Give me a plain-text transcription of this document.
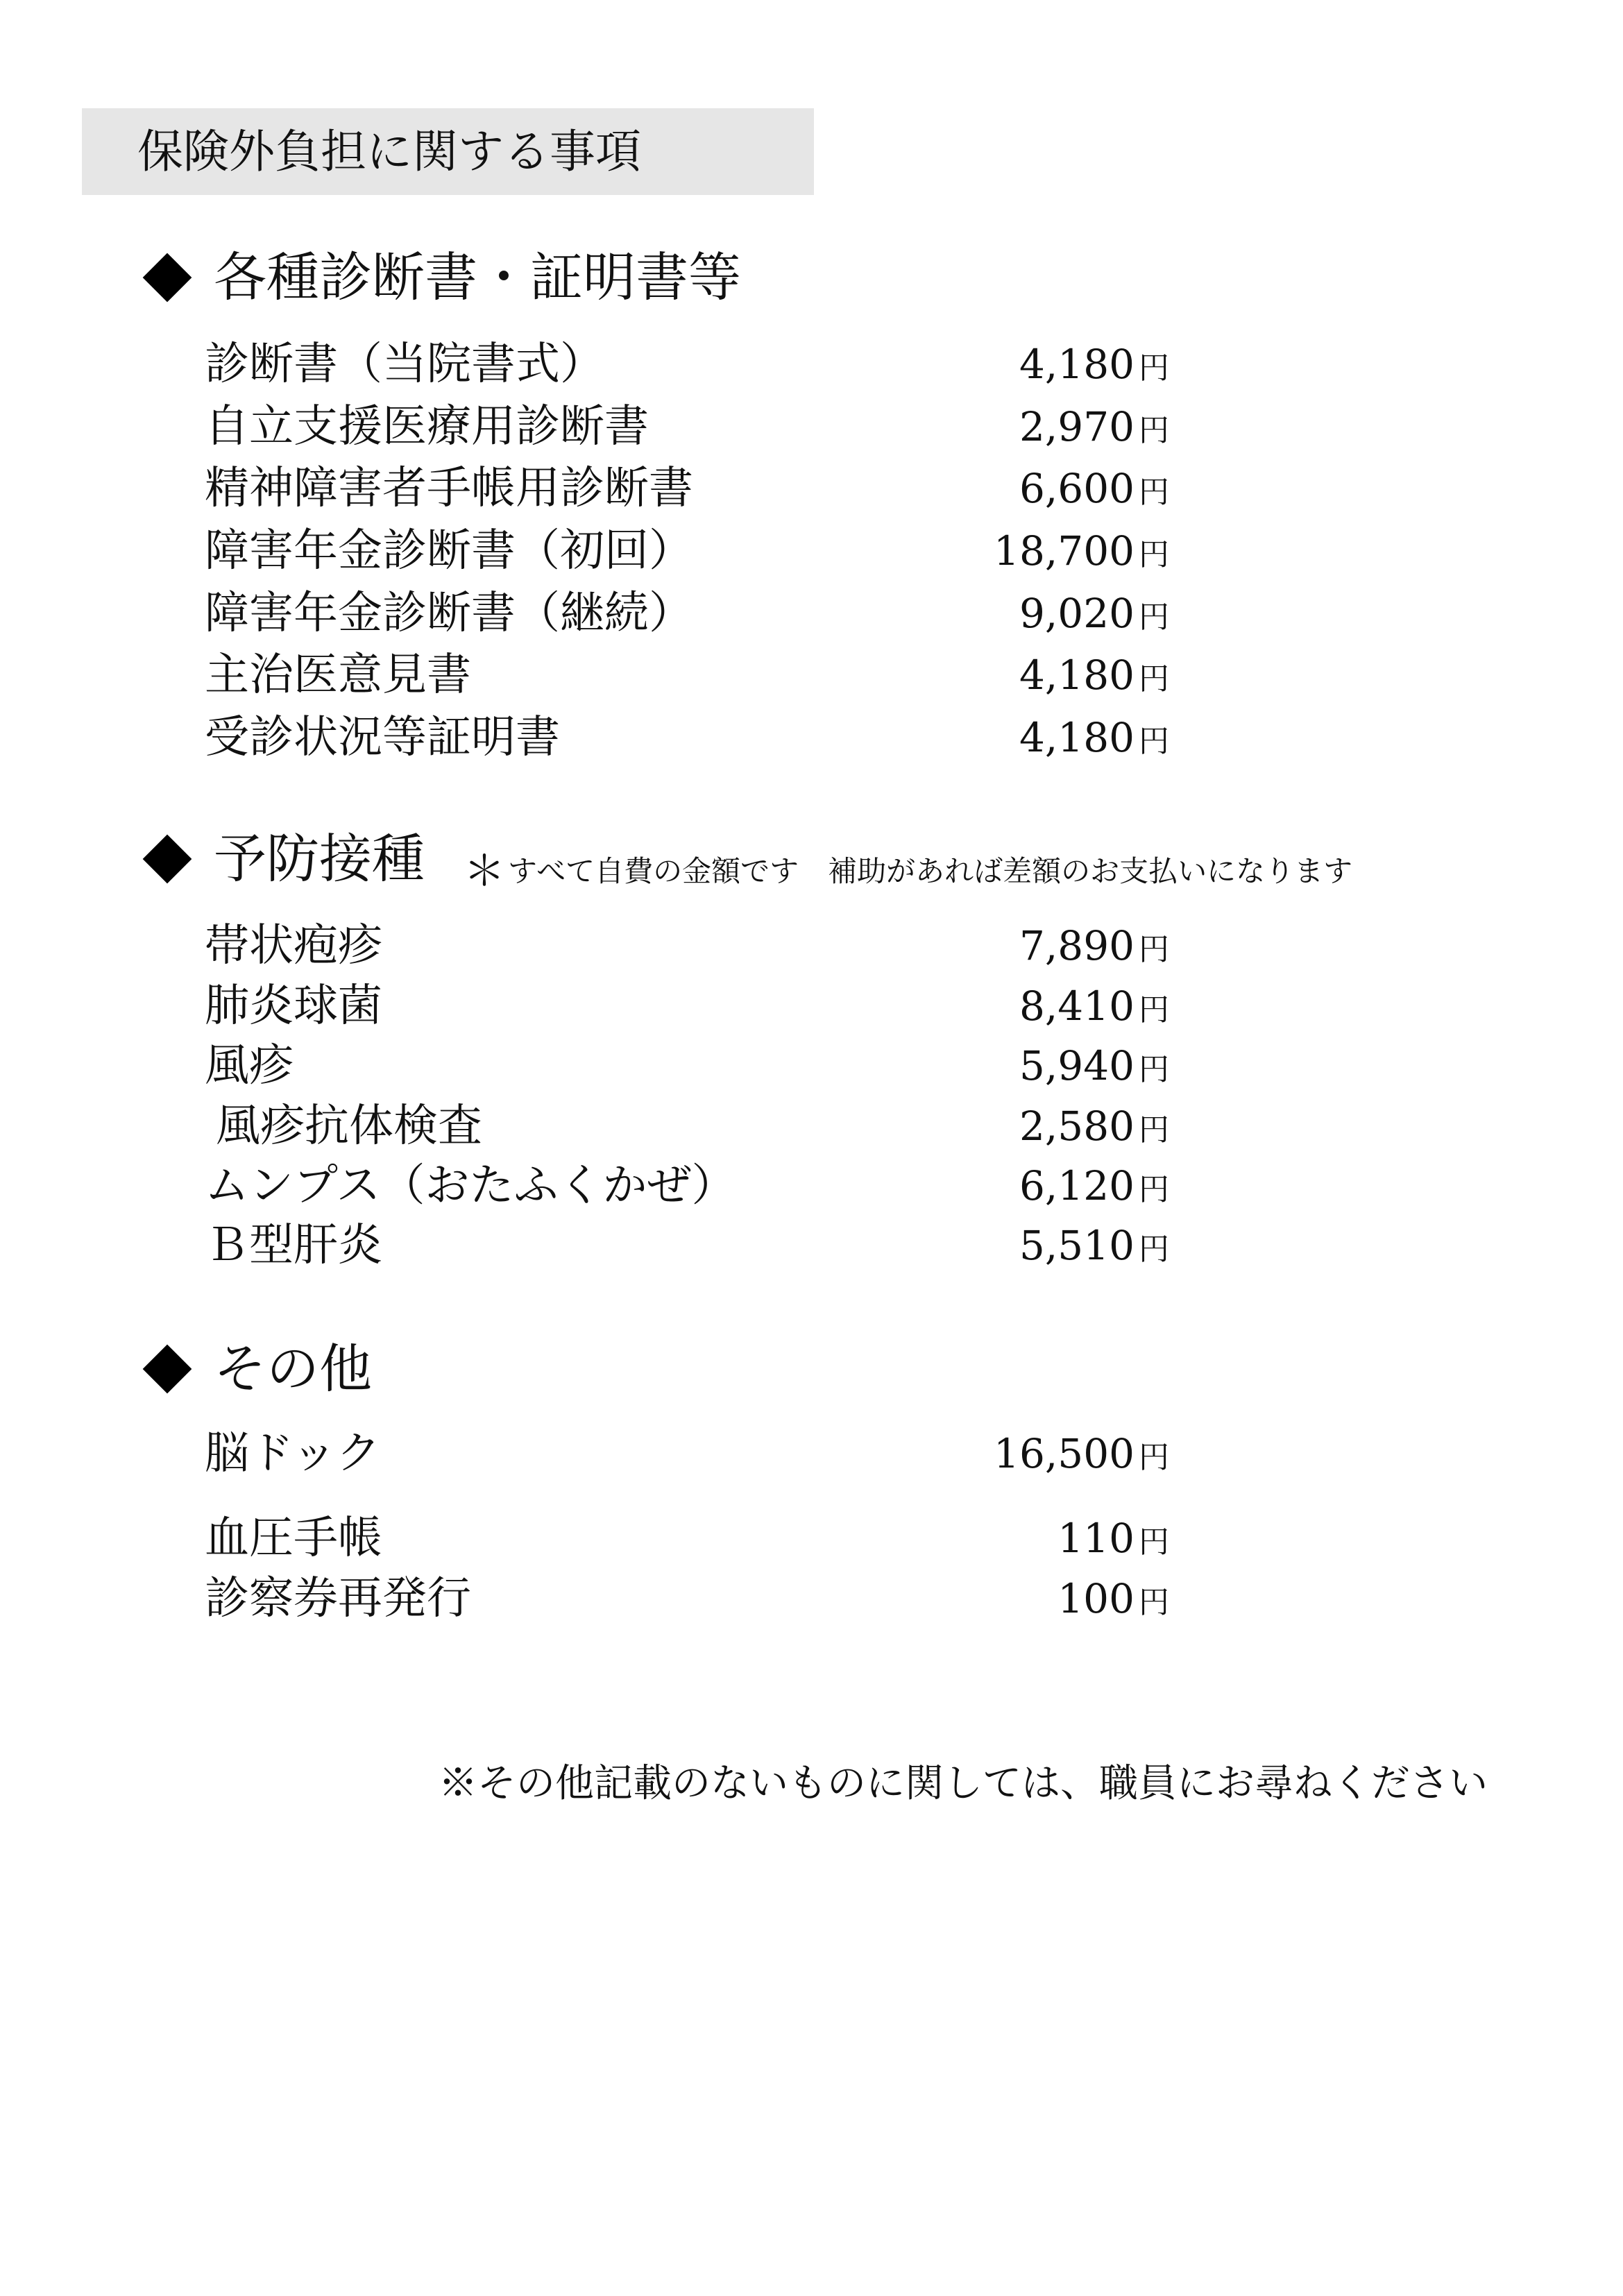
保険外負担に関する事項
各種診断書・証明書等
診断書（当院書式）	4,180 円
自立支援医療用診断書	2,970 円
精神障害者手帳用診断書	6,600 円
障害年金診断書（初回）	18,700 円
障害年金診断書（継続）	9,020 円
主治医意見書	4,180 円
受診状況等証明書	4,180 円
予防接種 ＊すべて自費の金額です 補助があれば差額のお支払いになります
帯状疱疹	7,890 円
肺炎球菌	8,410 円
風疹	5,940 円
風疹抗体検査	2,580 円
ムンプス（おたふくかぜ）	6,120 円
Ｂ型肝炎	5,510 円
その他
脳ドック	16,500 円
血圧手帳	110 円
診察券再発行	100 円
※その他記載のないものに関しては、職員にお尋ねください
